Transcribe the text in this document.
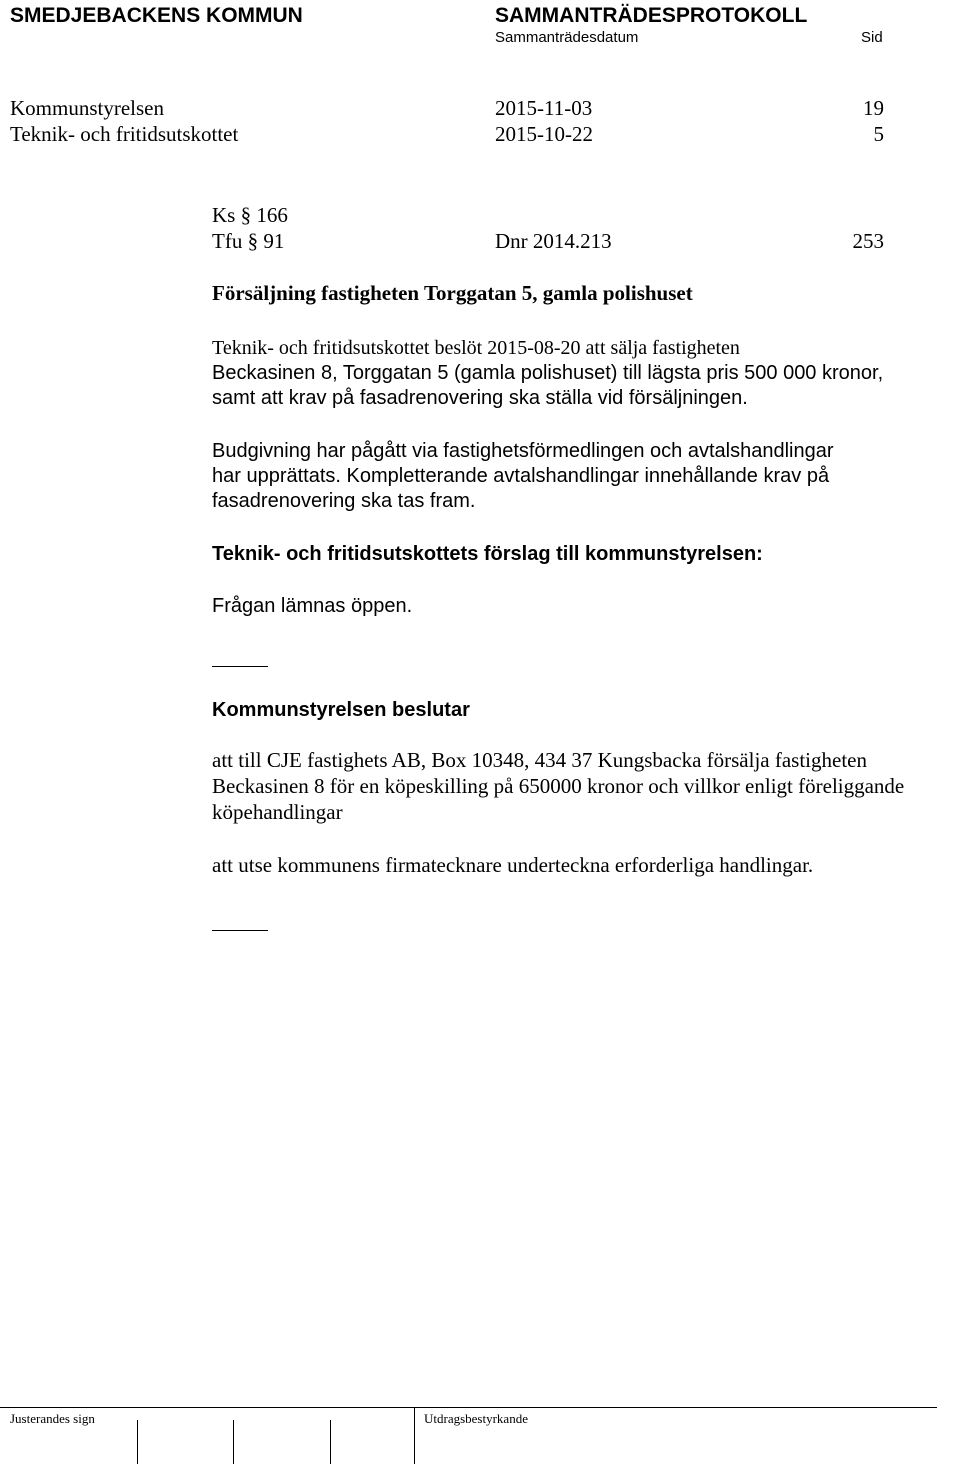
SMEDJEBACKENS KOMMUN	SAMMANTRÄDESPROTOKOLL
Sammanträdesdatum	Sid
Kommunstyrelsen	2015-11-03	19
Teknik- och fritidsutskottet	2015-10-22	5
Ks § 166
Tfu § 91	Dnr 2014.213	253
Försäljning fastigheten Torggatan 5, gamla polishuset
Teknik- och fritidsutskottet beslöt 2015-08-20 att sälja fastigheten
Beckasinen 8, Torggatan 5 (gamla polishuset) till lägsta pris 500 000 kronor,
samt att krav på fasadrenovering ska ställa vid försäljningen.
Budgivning har pågått via fastighetsförmedlingen och avtalshandlingar
har upprättats. Kompletterande avtalshandlingar innehållande krav på
fasadrenovering ska tas fram.
Teknik- och fritidsutskottets förslag till kommunstyrelsen:
Frågan lämnas öppen.
Kommunstyrelsen beslutar
att till CJE fastighets AB, Box 10348, 434 37 Kungsbacka försälja fastigheten
Beckasinen 8 för en köpeskilling på 650000 kronor och villkor enligt föreliggande
köpehandlingar
att utse kommunens firmatecknare underteckna erforderliga handlingar.
Justerandes sign	Utdragsbestyrkande
